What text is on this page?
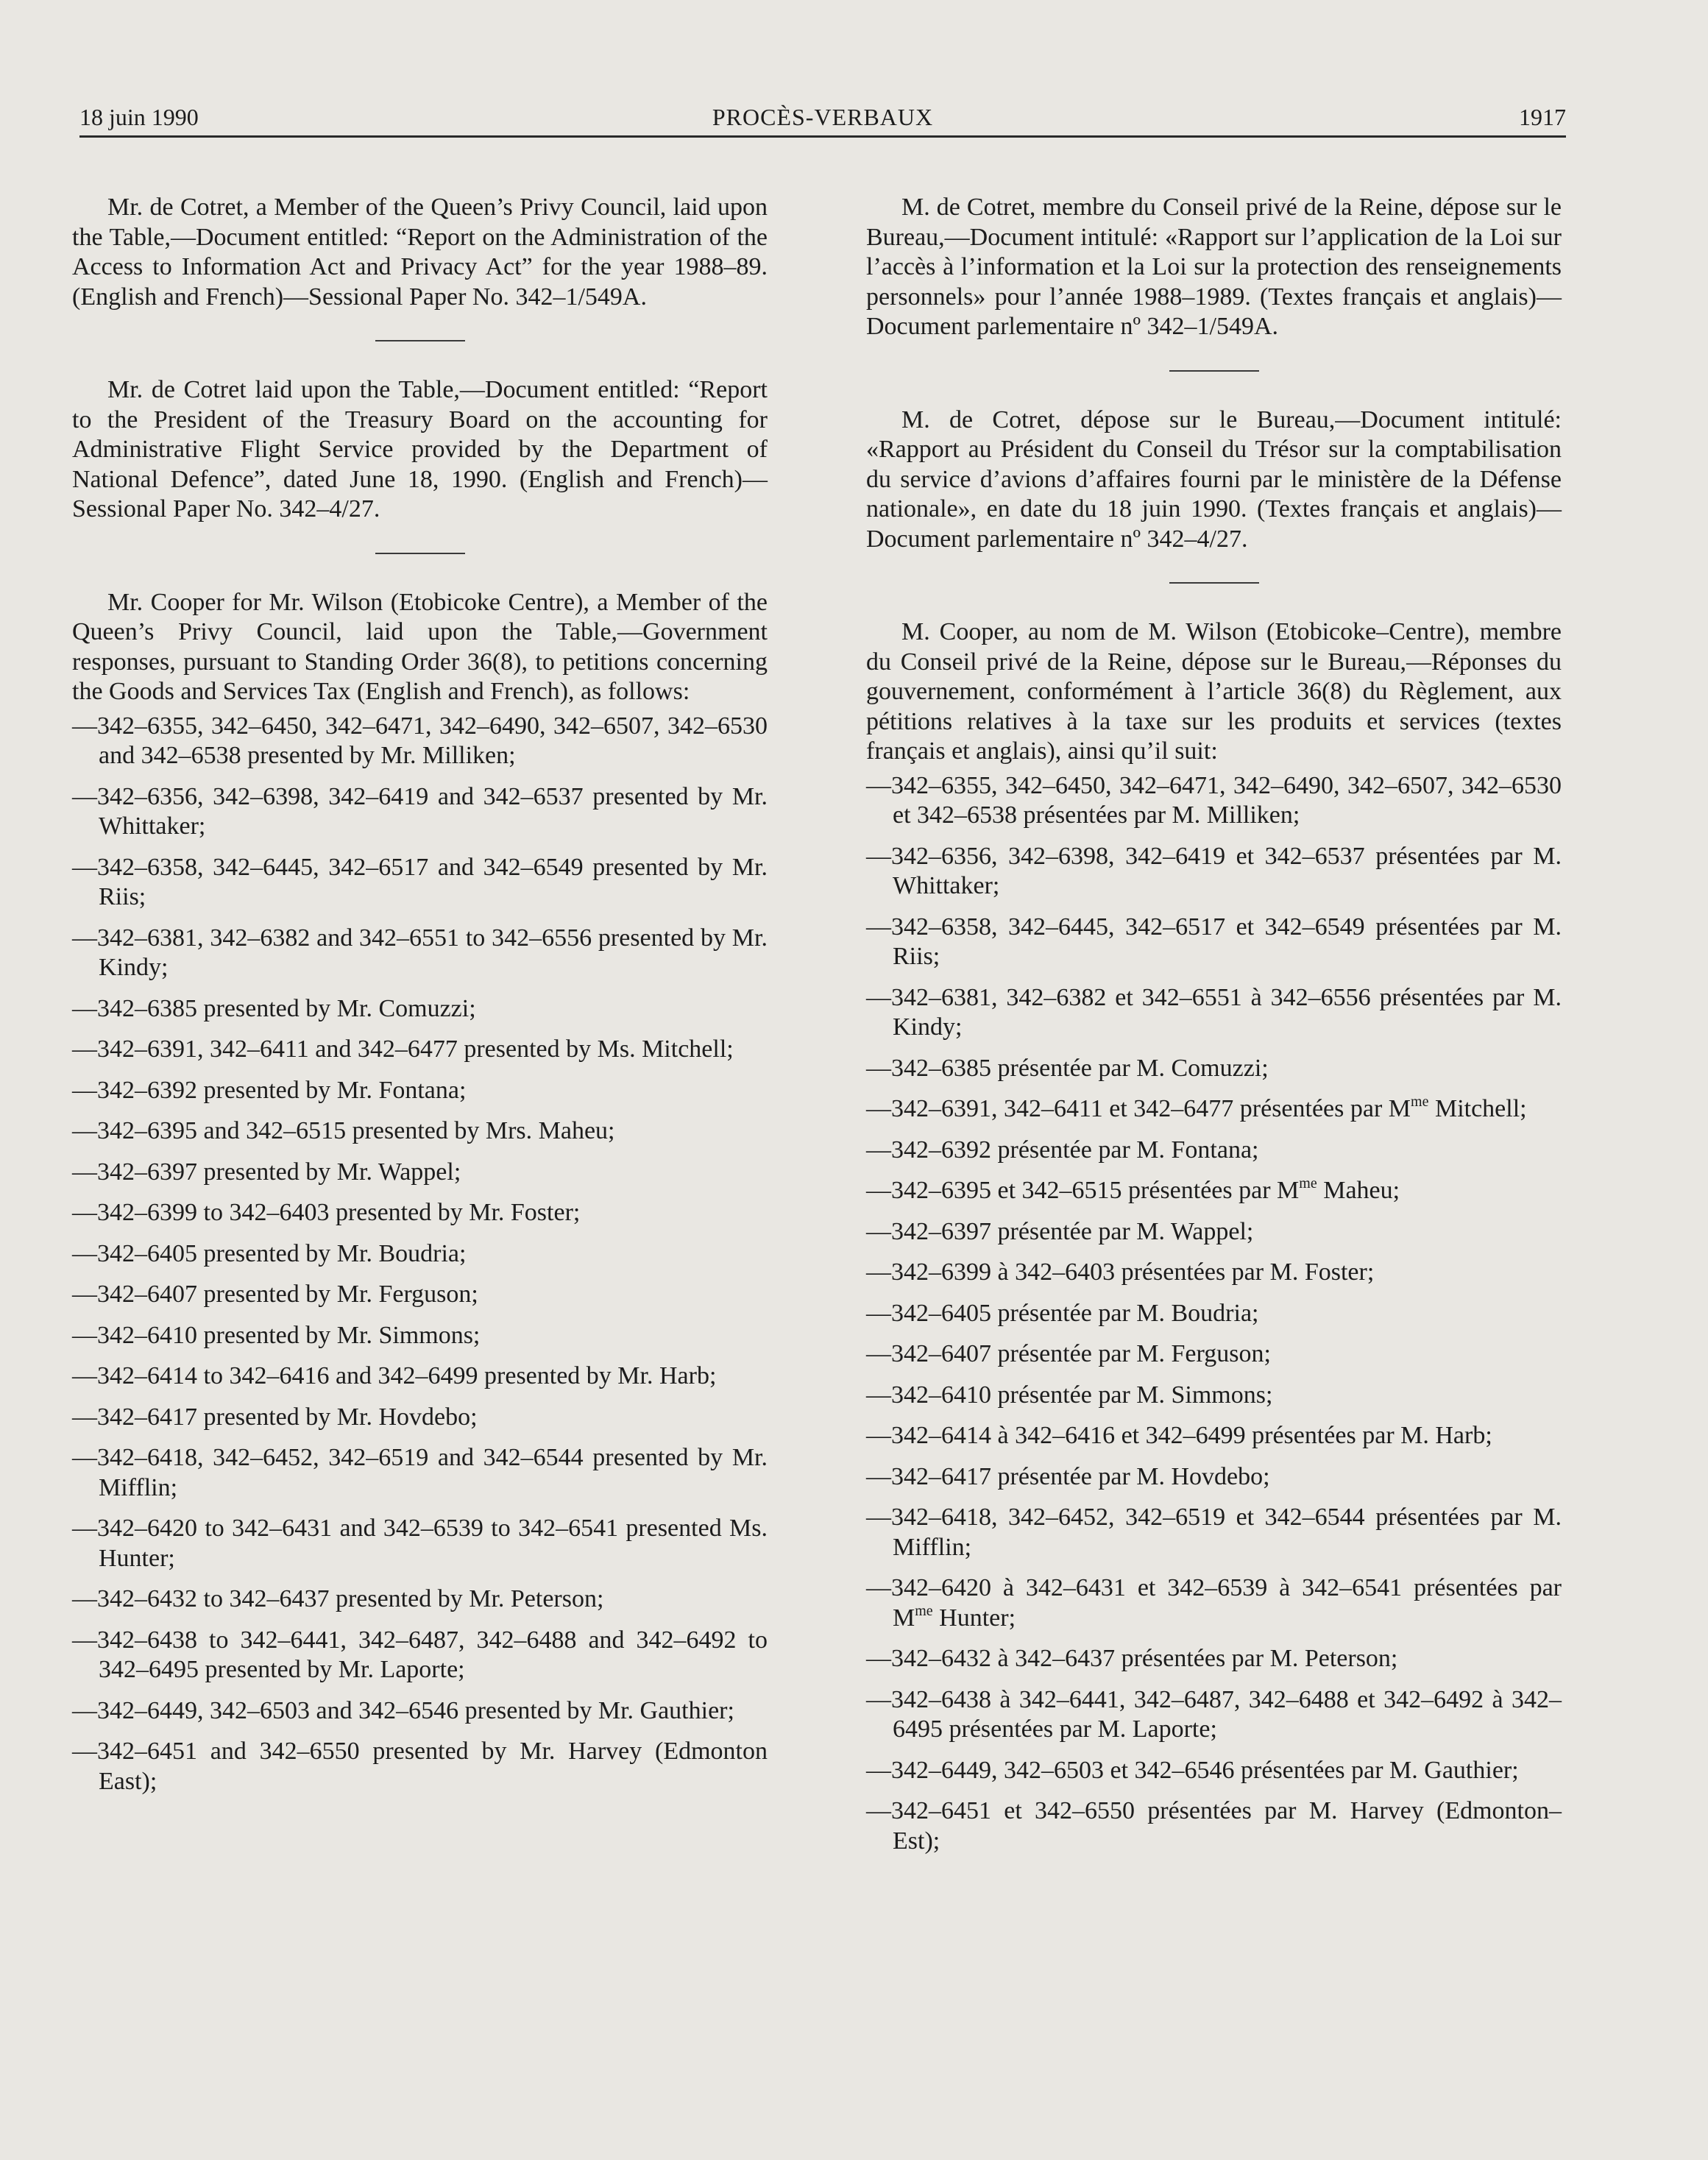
18 juin 1990	PROCÈS-VERBAUX	1917

Mr. de Cotret, a Member of the Queen’s Privy Council, laid upon the Table,—Document entitled: “Report on the Administration of the Access to Information Act and Privacy Act” for the year 1988–89. (English and French)—Sessional Paper No. 342–1/549A.

Mr. de Cotret laid upon the Table,—Document entitled: “Report to the President of the Treasury Board on the accounting for Administrative Flight Service provided by the Department of National Defence”, dated June 18, 1990. (English and French)—Sessional Paper No. 342–4/27.

Mr. Cooper for Mr. Wilson (Etobicoke Centre), a Member of the Queen’s Privy Council, laid upon the Table,—Government responses, pursuant to Standing Order 36(8), to petitions concerning the Goods and Services Tax (English and French), as follows:

—342–6355, 342–6450, 342–6471, 342–6490, 342–6507, 342–6530 and 342–6538 presented by Mr. Milliken;
—342–6356, 342–6398, 342–6419 and 342–6537 presented by Mr. Whittaker;
—342–6358, 342–6445, 342–6517 and 342–6549 presented by Mr. Riis;
—342–6381, 342–6382 and 342–6551 to 342–6556 presented by Mr. Kindy;
—342–6385 presented by Mr. Comuzzi;
—342–6391, 342–6411 and 342–6477 presented by Ms. Mitchell;
—342–6392 presented by Mr. Fontana;
—342–6395 and 342–6515 presented by Mrs. Maheu;
—342–6397 presented by Mr. Wappel;
—342–6399 to 342–6403 presented by Mr. Foster;
—342–6405 presented by Mr. Boudria;
—342–6407 presented by Mr. Ferguson;
—342–6410 presented by Mr. Simmons;
—342–6414 to 342–6416 and 342–6499 presented by Mr. Harb;
—342–6417 presented by Mr. Hovdebo;
—342–6418, 342–6452, 342–6519 and 342–6544 presented by Mr. Mifflin;
—342–6420 to 342–6431 and 342–6539 to 342–6541 presented Ms. Hunter;
—342–6432 to 342–6437 presented by Mr. Peterson;
—342–6438 to 342–6441, 342–6487, 342–6488 and 342–6492 to 342–6495 presented by Mr. Laporte;
—342–6449, 342–6503 and 342–6546 presented by Mr. Gauthier;
—342–6451 and 342–6550 presented by Mr. Harvey (Edmonton East);

M. de Cotret, membre du Conseil privé de la Reine, dépose sur le Bureau,—Document intitulé: «Rapport sur l’application de la Loi sur l’accès à l’information et la Loi sur la protection des renseignements personnels» pour l’année 1988–1989. (Textes français et anglais)—Document parlementaire nº 342–1/549A.

M. de Cotret, dépose sur le Bureau,—Document intitulé: «Rapport au Président du Conseil du Trésor sur la comptabilisation du service d’avions d’affaires fourni par le ministère de la Défense nationale», en date du 18 juin 1990. (Textes français et anglais)—Document parlementaire nº 342–4/27.

M. Cooper, au nom de M. Wilson (Etobicoke–Centre), membre du Conseil privé de la Reine, dépose sur le Bureau,—Réponses du gouvernement, conformément à l’article 36(8) du Règlement, aux pétitions relatives à la taxe sur les produits et services (textes français et anglais), ainsi qu’il suit:

—342–6355, 342–6450, 342–6471, 342–6490, 342–6507, 342–6530 et 342–6538 présentées par M. Milliken;
—342–6356, 342–6398, 342–6419 et 342–6537 présentées par M. Whittaker;
—342–6358, 342–6445, 342–6517 et 342–6549 présentées par M. Riis;
—342–6381, 342–6382 et 342–6551 à 342–6556 présentées par M. Kindy;
—342–6385 présentée par M. Comuzzi;
—342–6391, 342–6411 et 342–6477 présentées par $M^{me}$ Mitchell;
—342–6392 présentée par M. Fontana;
—342–6395 et 342–6515 présentées par $M^{me}$ Maheu;
—342–6397 présentée par M. Wappel;
—342–6399 à 342–6403 présentées par M. Foster;
—342–6405 présentée par M. Boudria;
—342–6407 présentée par M. Ferguson;
—342–6410 présentée par M. Simmons;
—342–6414 à 342–6416 et 342–6499 présentées par M. Harb;
—342–6417 présentée par M. Hovdebo;
—342–6418, 342–6452, 342–6519 et 342–6544 présentées par M. Mifflin;
—342–6420 à 342–6431 et 342–6539 à 342–6541 présentées par $M^{me}$ Hunter;
—342–6432 à 342–6437 présentées par M. Peterson;
—342–6438 à 342–6441, 342–6487, 342–6488 et 342–6492 à 342–6495 présentées par M. Laporte;
—342–6449, 342–6503 et 342–6546 présentées par M. Gauthier;
—342–6451 et 342–6550 présentées par M. Harvey (Edmonton–Est);
